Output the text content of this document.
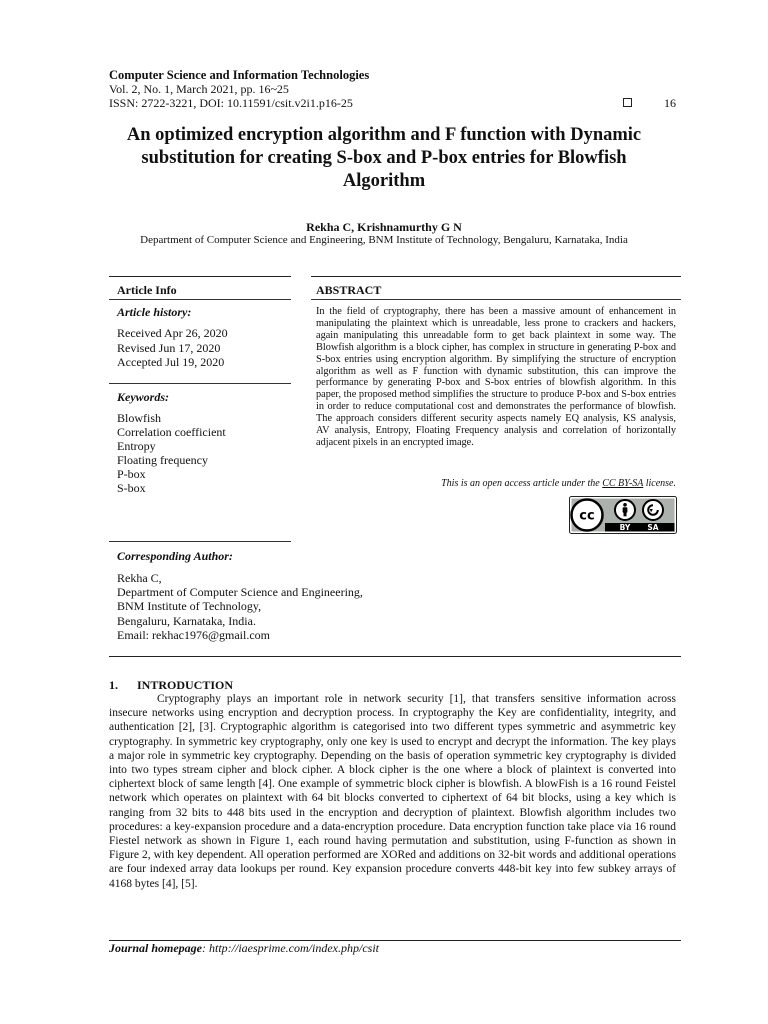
Computer Science and Information Technologies
Vol. 2, No. 1, March 2021, pp. 16~25
ISSN: 2722-3221, DOI: 10.11591/csit.v2i1.p16-25	16
An optimized encryption algorithm and F function with Dynamic substitution for creating S-box and P-box entries for Blowfish Algorithm
Rekha C, Krishnamurthy G N
Department of Computer Science and Engineering, BNM Institute of Technology, Bengaluru, Karnataka, India
Article Info	ABSTRACT
Article history:
Received Apr 26, 2020
Revised Jun 17, 2020
Accepted Jul 19, 2020
Keywords:
Blowfish
Correlation coefficient
Entropy
Floating frequency
P-box
S-box
In the field of cryptography, there has been a massive amount of enhancement in manipulating the plaintext which is unreadable, less prone to crackers and hackers, again manipulating this unreadable form to get back plaintext in some way. The Blowfish algorithm is a block cipher, has complex in structure in generating P-box and S-box entries using encryption algorithm. By simplifying the structure of encryption algorithm as well as F function with dynamic substitution, this can improve the performance by generating P-box and S-box entries of blowfish algorithm. In this paper, the proposed method simplifies the structure to produce P-box and S-box entries in order to reduce computational cost and demonstrates the performance of blowfish. The approach considers different security aspects namely EQ analysis, KS analysis, AV analysis, Entropy, Floating Frequency analysis and correlation of horizontally adjacent pixels in an encrypted image.
This is an open access article under the CC BY-SA license.
cc
BY SA
Corresponding Author:
Rekha C,
Department of Computer Science and Engineering,
BNM Institute of Technology,
Bengaluru, Karnataka, India.
Email: rekhac1976@gmail.com
1. INTRODUCTION
Cryptography plays an important role in network security [1], that transfers sensitive information across insecure networks using encryption and decryption process. In cryptography the Key are confidentiality, integrity, and authentication [2], [3]. Cryptographic algorithm is categorised into two different types symmetric and asymmetric key cryptography. In symmetric key cryptography, only one key is used to encrypt and decrypt the information. The key plays a major role in symmetric key cryptography. Depending on the basis of operation symmetric key cryptography is divided into two types stream cipher and block cipher. A block cipher is the one where a block of plaintext is converted into ciphertext block of same length [4]. One example of symmetric block cipher is blowfish. A blowFish is a 16 round Feistel network which operates on plaintext with 64 bit blocks converted to ciphertext of 64 bit blocks, using a key which is ranging from 32 bits to 448 bits used in the encryption and decryption of plaintext. Blowfish algorithm includes two procedures: a key-expansion procedure and a data-encryption procedure. Data encryption function take place via 16 round Fiestel network as shown in Figure 1, each round having permutation and substitution, using F-function as shown in Figure 2, with key dependent. All operation performed are XORed and additions on 32-bit words and additional operations are four indexed array data lookups per round. Key expansion procedure converts 448-bit key into few subkey arrays of 4168 bytes [4], [5].
Journal homepage: http://iaesprime.com/index.php/csit
